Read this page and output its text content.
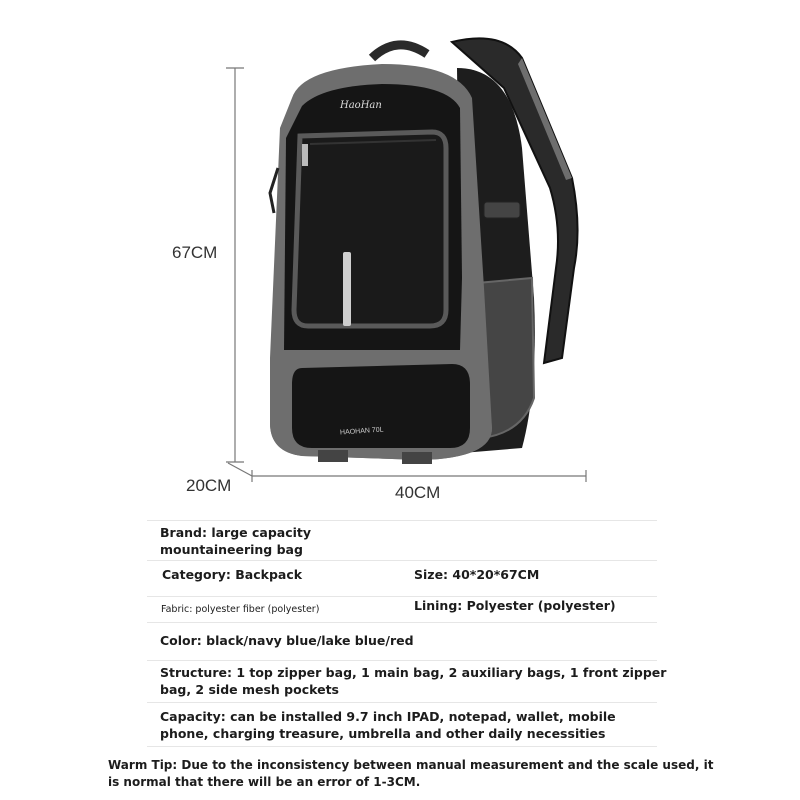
67CM
20CM	40CM
HaoHan
HAOHAN 70L
Brand: large capacity mountaineering bag
Category: Backpack	Size: 40*20*67CM
Fabric: polyester fiber (polyester)	Lining: Polyester (polyester)
Color: black/navy blue/lake blue/red
Structure: 1 top zipper bag, 1 main bag, 2 auxiliary bags, 1 front zipper bag, 2 side mesh pockets
Capacity: can be installed 9.7 inch IPAD, notepad, wallet, mobile phone, charging treasure, umbrella and other daily necessities
Warm Tip: Due to the inconsistency between manual measurement and the scale used, it is normal that there will be an error of 1-3CM.
